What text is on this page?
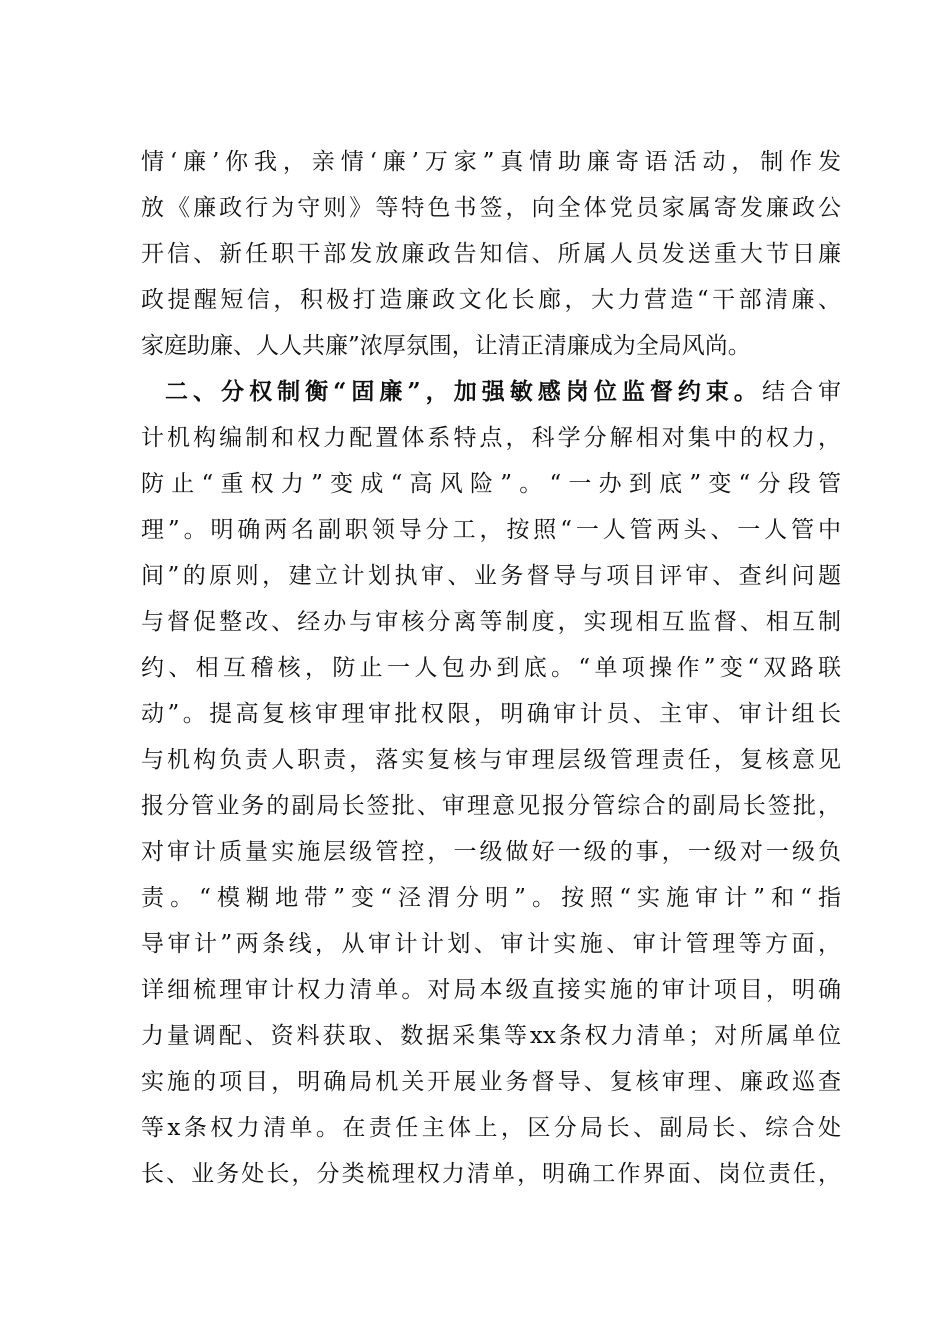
情‘廉’你我，亲情‘廉’万家”真情助廉寄语活动，制作发
放《廉政行为守则》等特色书签，向全体党员家属寄发廉政公
开信、新任职干部发放廉政告知信、所属人员发送重大节日廉
政提醒短信，积极打造廉政文化长廊，大力营造“干部清廉、
家庭助廉、人人共廉”浓厚氛围，让清正清廉成为全局风尚。
二、分权制衡“固廉”，加强敏感岗位监督约束。结合审
计机构编制和权力配置体系特点，科学分解相对集中的权力，
防止“重权力”变成“高风险”。“一办到底”变“分段管
理”。明确两名副职领导分工，按照“一人管两头、一人管中
间”的原则，建立计划执审、业务督导与项目评审、查纠问题
与督促整改、经办与审核分离等制度，实现相互监督、相互制
约、相互稽核，防止一人包办到底。“单项操作”变“双路联
动”。提高复核审理审批权限，明确审计员、主审、审计组长
与机构负责人职责，落实复核与审理层级管理责任，复核意见
报分管业务的副局长签批、审理意见报分管综合的副局长签批，
对审计质量实施层级管控，一级做好一级的事，一级对一级负
责。“模糊地带”变“泾渭分明”。按照“实施审计”和“指
导审计”两条线，从审计计划、审计实施、审计管理等方面，
详细梳理审计权力清单。对局本级直接实施的审计项目，明确
力量调配、资料获取、数据采集等xx条权力清单；对所属单位
实施的项目，明确局机关开展业务督导、复核审理、廉政巡查
等x条权力清单。在责任主体上，区分局长、副局长、综合处
长、业务处长，分类梳理权力清单，明确工作界面、岗位责任，
